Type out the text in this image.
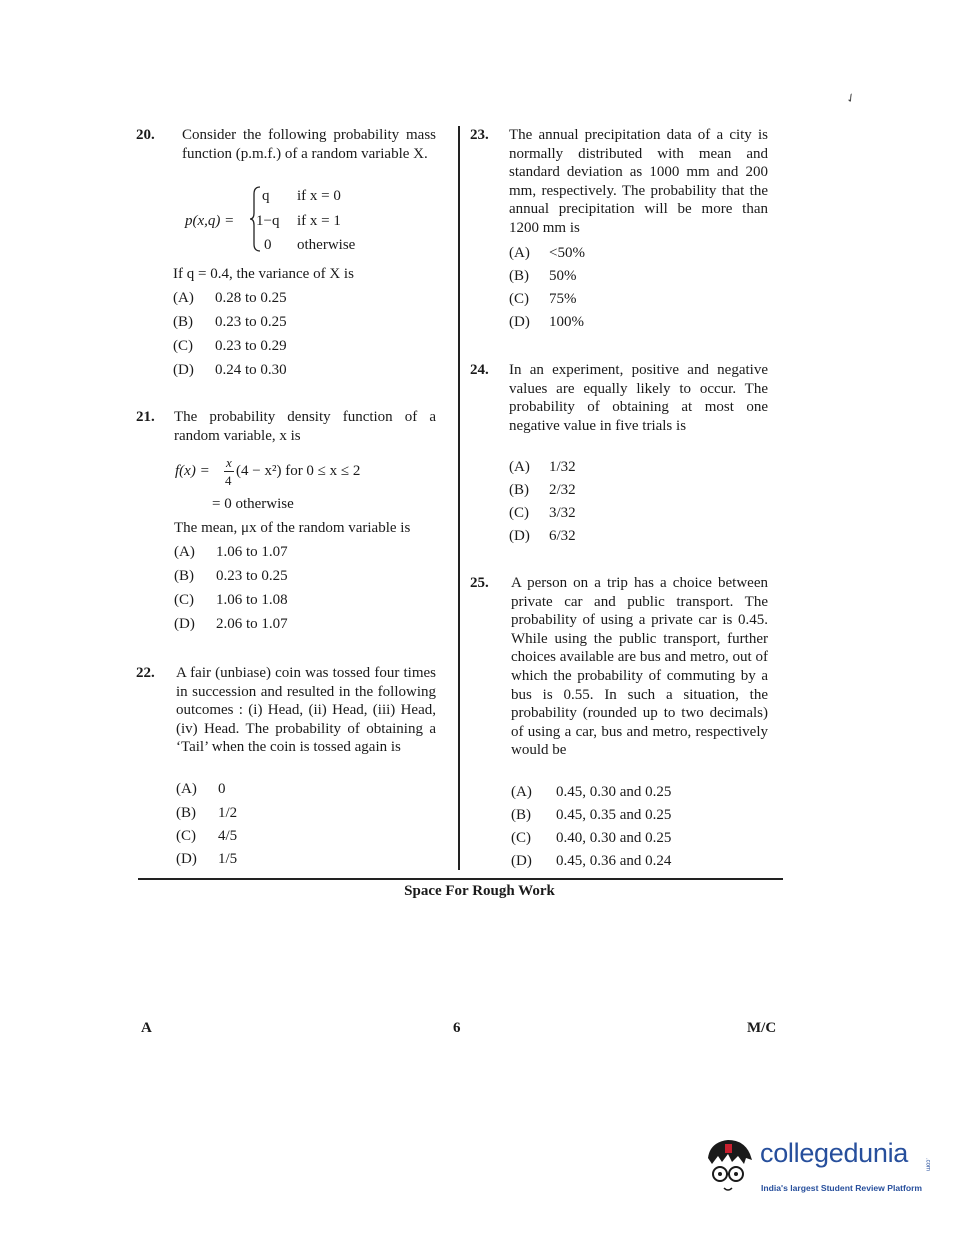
20. Consider the following probability mass function (p.m.f.) of a random variable X.

p(x,q) =
q if x = 0
1−q if x = 1
0 otherwise
If q = 0.4, the variance of X is
(A) 0.28 to 0.25
(B) 0.23 to 0.25
(C) 0.23 to 0.29
(D) 0.24 to 0.30
21. The probability density function of a random variable, x is

f(x) =
x
4
(4 − x²) for 0 ≤ x ≤ 2
= 0 otherwise
The mean, μx of the random variable is
(A) 1.06 to 1.07
(B) 0.23 to 0.25
(C) 1.06 to 1.08
(D) 2.06 to 1.07
22. A fair (unbiase) coin was tossed four times in succession and resulted in the following outcomes : (i) Head, (ii) Head, (iii) Head, (iv) Head. The probability of obtaining a ‘Tail’ when the coin is tossed again is

(A) 0
(B) 1/2
(C) 4/5
(D) 1/5
23. The annual precipitation data of a city is normally distributed with mean and standard deviation as 1000 mm and 200 mm, respectively. The probability that the annual precipitation will be more than 1200 mm is

(A) <50%
(B) 50%
(C) 75%
(D) 100%
24. In an experiment, positive and negative values are equally likely to occur. The probability of obtaining at most one negative value in five trials is

(A) 1/32
(B) 2/32
(C) 3/32
(D) 6/32
25. A person on a trip has a choice between private car and public transport. The probability of using a private car is 0.45. While using the public transport, further choices available are bus and metro, out of which the probability of commuting by a bus is 0.55. In such a situation, the probability (rounded up to two decimals) of using a car, bus and metro, respectively would be

(A) 0.45, 0.30 and 0.25
(B) 0.45, 0.35 and 0.25
(C) 0.40, 0.30 and 0.25
(D) 0.45, 0.36 and 0.24
Space For Rough Work
A	6	M/C
✓
collegedunia	.com
India's largest Student Review Platform
